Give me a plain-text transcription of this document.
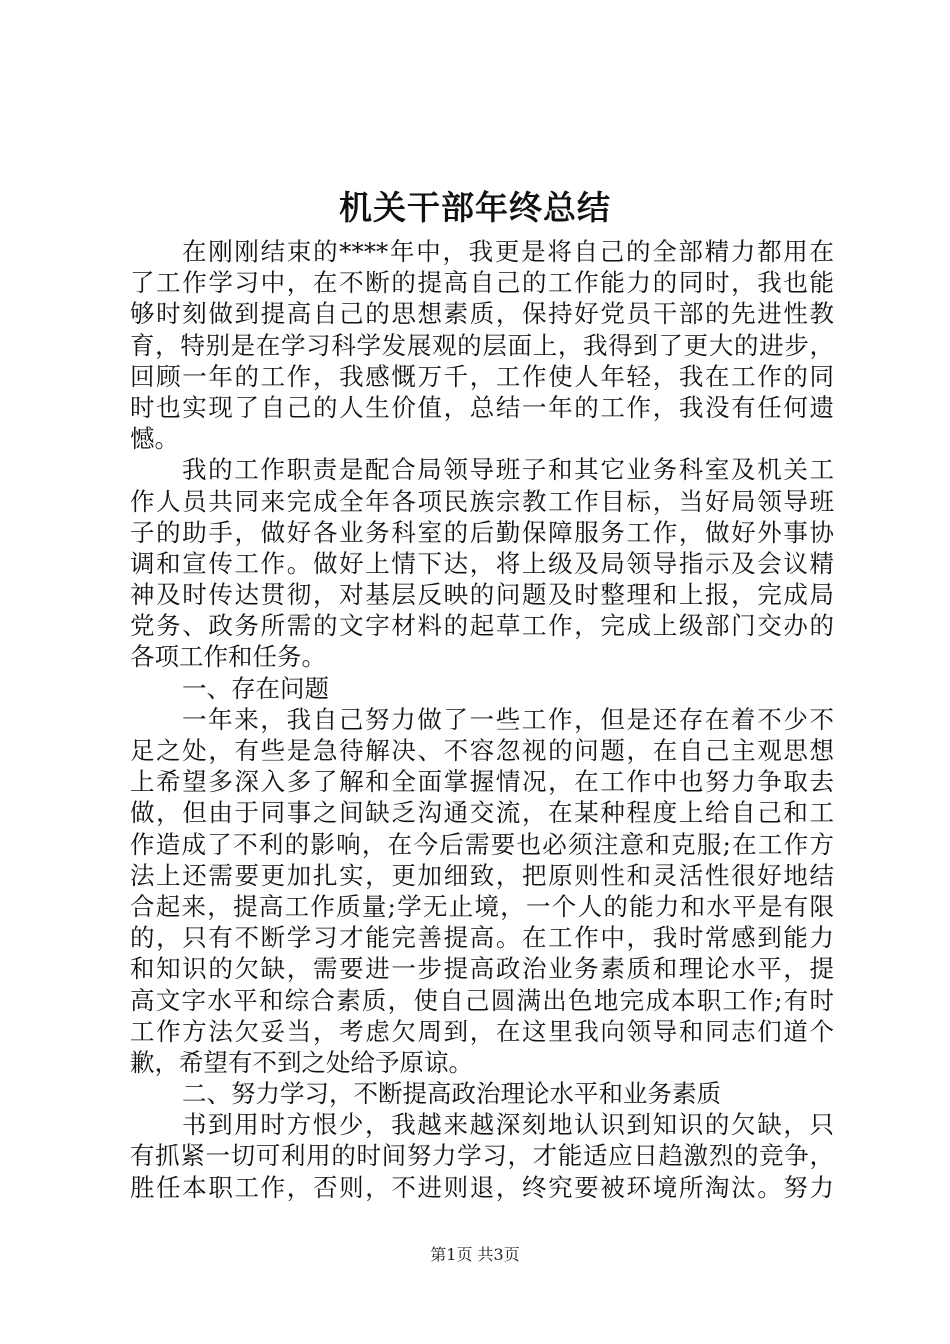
机关干部年终总结
在刚刚结束的****年中，我更是将自己的全部精力都用在
了工作学习中，在不断的提高自己的工作能力的同时，我也能
够时刻做到提高自己的思想素质，保持好党员干部的先进性教
育，特别是在学习科学发展观的层面上，我得到了更大的进步，
回顾一年的工作，我感慨万千，工作使人年轻，我在工作的同
时也实现了自己的人生价值，总结一年的工作，我没有任何遗
憾。
我的工作职责是配合局领导班子和其它业务科室及机关工
作人员共同来完成全年各项民族宗教工作目标，当好局领导班
子的助手，做好各业务科室的后勤保障服务工作，做好外事协
调和宣传工作。做好上情下达，将上级及局领导指示及会议精
神及时传达贯彻，对基层反映的问题及时整理和上报，完成局
党务、政务所需的文字材料的起草工作，完成上级部门交办的
各项工作和任务。
一、存在问题
一年来，我自己努力做了一些工作，但是还存在着不少不
足之处，有些是急待解决、不容忽视的问题，在自己主观思想
上希望多深入多了解和全面掌握情况，在工作中也努力争取去
做，但由于同事之间缺乏沟通交流，在某种程度上给自己和工
作造成了不利的影响，在今后需要也必须注意和克服;在工作方
法上还需要更加扎实，更加细致，把原则性和灵活性很好地结
合起来，提高工作质量;学无止境，一个人的能力和水平是有限
的，只有不断学习才能完善提高。在工作中，我时常感到能力
和知识的欠缺，需要进一步提高政治业务素质和理论水平，提
高文字水平和综合素质，使自己圆满出色地完成本职工作;有时
工作方法欠妥当，考虑欠周到，在这里我向领导和同志们道个
歉，希望有不到之处给予原谅。
二、努力学习，不断提高政治理论水平和业务素质
书到用时方恨少，我越来越深刻地认识到知识的欠缺，只
有抓紧一切可利用的时间努力学习，才能适应日趋激烈的竞争，
胜任本职工作，否则，不进则退，终究要被环境所淘汰。努力
第1页 共3页
